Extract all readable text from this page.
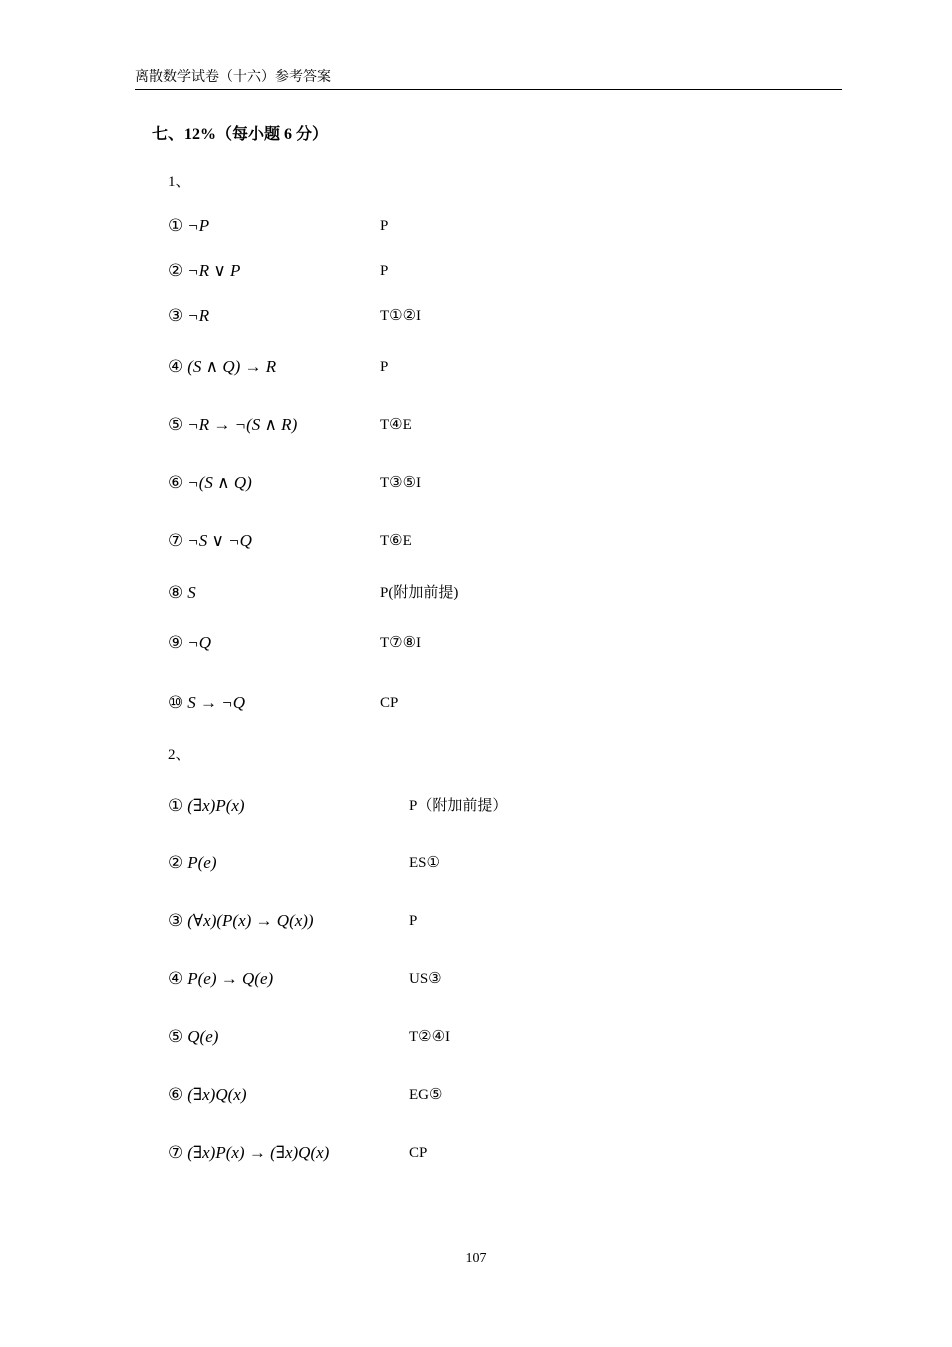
离散数学试卷（十六）参考答案
七、12%（每小题 6 分）
1、
① ¬P	P
② ¬R ∨ P	P
③ ¬R	T①②I
④ (S ∧ Q) → R	P
⑤ ¬R → ¬(S ∧ R)	T④E
⑥ ¬(S ∧ Q)	T③⑤I
⑦ ¬S ∨ ¬Q	T⑥E
⑧ S	P(附加前提)
⑨ ¬Q	T⑦⑧I
⑩ S → ¬Q	CP
2、
① (∃x)P(x)	P（附加前提）
② P(e)	ES①
③ (∀x)(P(x) → Q(x))	P
④ P(e) → Q(e)	US③
⑤ Q(e)	T②④I
⑥ (∃x)Q(x)	EG⑤
⑦ (∃x)P(x) → (∃x)Q(x)	CP
107
